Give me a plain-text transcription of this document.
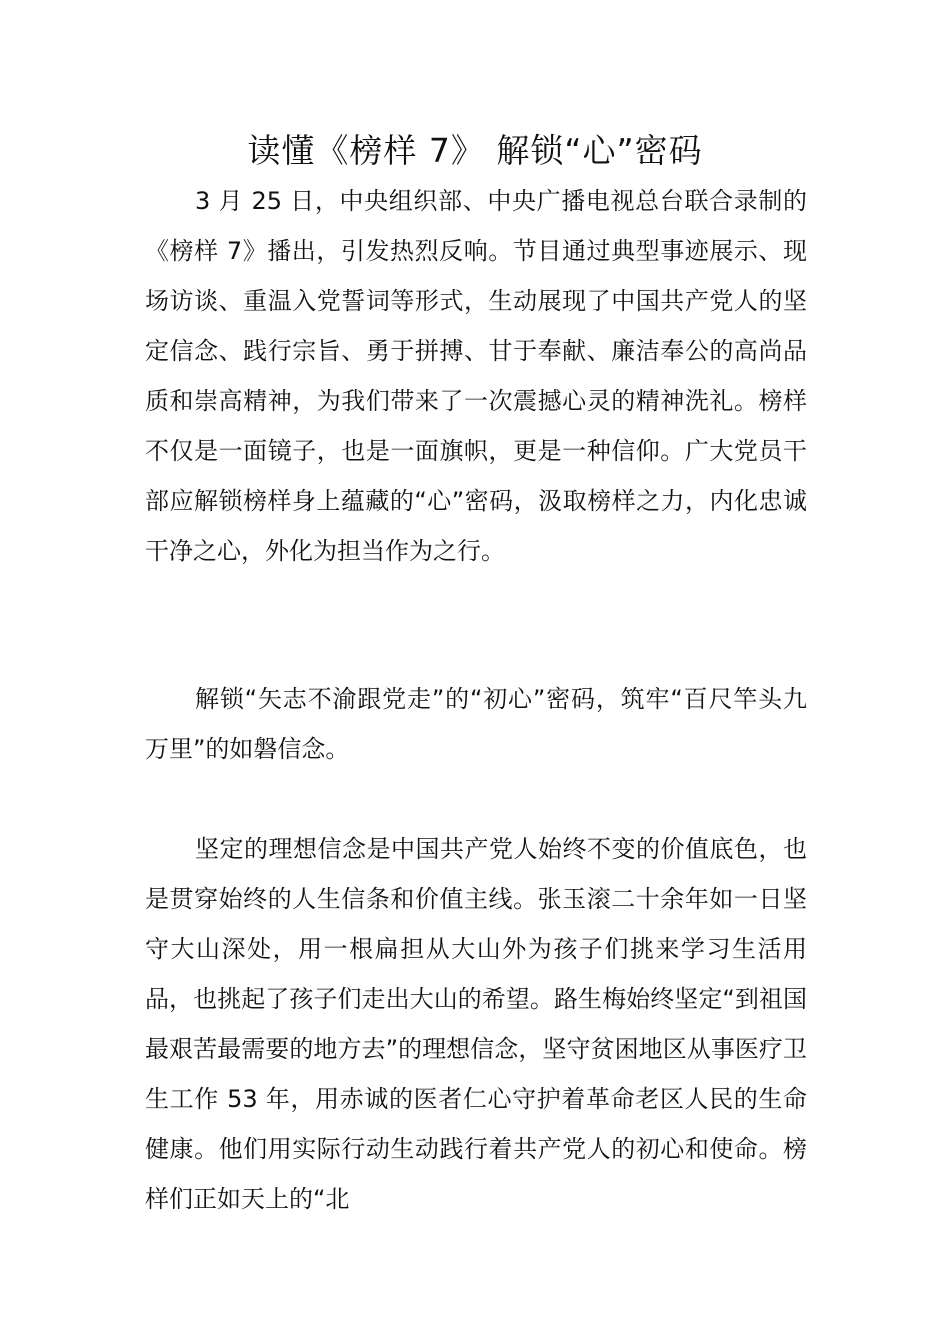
读懂《榜样 7》 解锁“心”密码

3 月 25 日，中央组织部、中央广播电视总台联合录制的《榜样 7》播出，引发热烈反响。节目通过典型事迹展示、现场访谈、重温入党誓词等形式，生动展现了中国共产党人的坚定信念、践行宗旨、勇于拼搏、甘于奉献、廉洁奉公的高尚品质和崇高精神，为我们带来了一次震撼心灵的精神洗礼。榜样不仅是一面镜子，也是一面旗帜，更是一种信仰。广大党员干部应解锁榜样身上蕴藏的“心”密码，汲取榜样之力，内化忠诚干净之心，外化为担当作为之行。

解锁“矢志不渝跟党走”的“初心”密码，筑牢“百尺竿头九万里”的如磐信念。

坚定的理想信念是中国共产党人始终不变的价值底色，也是贯穿始终的人生信条和价值主线。张玉滚二十余年如一日坚守大山深处，用一根扁担从大山外为孩子们挑来学习生活用品，也挑起了孩子们走出大山的希望。路生梅始终坚定“到祖国最艰苦最需要的地方去”的理想信念，坚守贫困地区从事医疗卫生工作 53 年，用赤诚的医者仁心守护着革命老区人民的生命健康。他们用实际行动生动践行着共产党人的初心和使命。榜样们正如天上的“北
